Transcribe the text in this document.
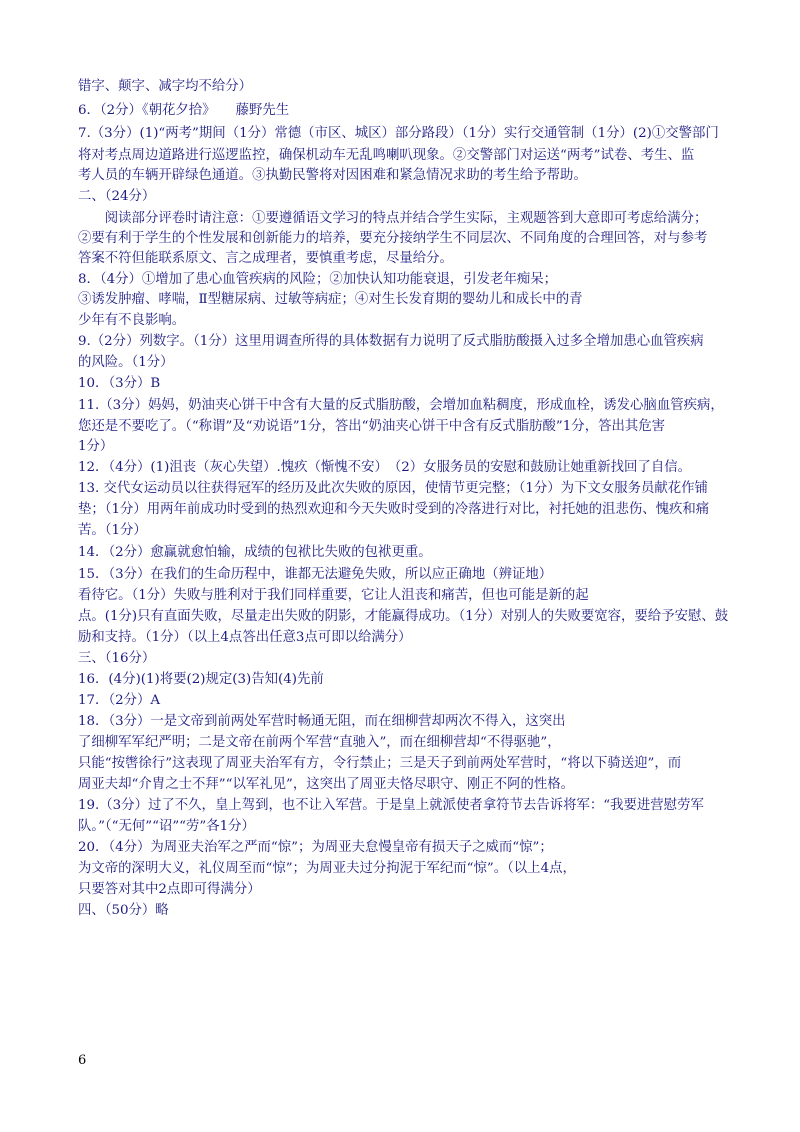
错字、颠字、减字均不给分）
6．（2分）《朝花夕拾》　　藤野先生
7.（3分）(1)“两考”期间（1分）常德（市区、城区）部分路段）（1分）实行交通管制（1分）(2)①交警部门
将对考点周边道路进行巡逻监控，确保机动车无乱鸣喇叭现象。②交警部门对运送“两考”试卷、考生、监
考人员的车辆开辟绿色通道。③执勤民警将对因困难和紧急情况求助的考生给予帮助。
二、（24分）
　　阅读部分评卷时请注意：①要遵循语文学习的特点并结合学生实际，主观题答到大意即可考虑给满分；
②要有利于学生的个性发展和创新能力的培养，要充分接纳学生不同层次、不同角度的合理回答，对与参考
答案不符但能联系原文、言之成理者，要慎重考虑，尽量给分。
8．（4分）①增加了患心血管疾病的风险；②加快认知功能衰退，引发老年痴呆；
③诱发肿瘤、哮喘，Ⅱ型糖尿病、过敏等病症；④对生长发育期的婴幼儿和成长中的青
少年有不良影响。
9.（2分）列数字。（1分）这里用调查所得的具体数据有力说明了反式脂肪酸摄入过多全增加患心血管疾病
的风险。（1分）
10．（3分）B
11.（3分）妈妈，奶油夹心饼干中含有大量的反式脂肪酸，会增加血粘稠度，形成血栓，诱发心脑血管疾病，
您还是不要吃了。（“称谓”及“劝说语”1分，答出“奶油夹心饼干中含有反式脂肪酸”1分，答出其危害
1分）
12．（4分）(1)沮丧（灰心失望）.愧疚（惭愧不安）　（2）女服务员的安慰和鼓励让她重新找回了自信。
13. 交代女运动员以往获得冠军的经历及此次失败的原因，使情节更完整；（1分）为下文女服务员献花作铺
垫；（1分）用两年前成功时受到的热烈欢迎和今天失败时受到的冷落进行对比，衬托她的沮悲伤、愧疚和痛
苦。（1分）
14．（2分）愈赢就愈怕输，成绩的包袱比失败的包袱更重。
15．（3分）在我们的生命历程中，谁都无法避免失败，所以应正确地（辨证地）
看待它。（1分）失败与胜利对于我们同样重要，它让人沮丧和痛苦，但也可能是新的起
点。(1分)只有直面失败，尽量走出失败的阴影，才能赢得成功。（1分）对别人的失败要宽容，要给予安慰、鼓
励和支持。（1分）（以上4点答出任意3点可即以给满分）
三、（16分）
16．(4分)(1)将要(2)规定(3)告知(4)先前
17．（2分）A
18．（3分）一是文帝到前两处军营时畅通无阻，而在细柳营却两次不得入，这突出
了细柳军军纪严明；二是文帝在前两个军营“直驰入”，而在细柳营却“不得驱驰”，
只能“按辔徐行”这表现了周亚夫治军有方，令行禁止；三是天子到前两处军营时，“将以下骑送迎”，而
周亚夫却“介胄之士不拜”“以军礼见”，这突出了周亚夫恪尽职守、刚正不阿的性格。
19.（3分）过了不久，皇上驾到，也不让入军营。于是皇上就派使者拿符节去告诉将军：“我要进营慰劳军
队。”（“无何”“诏”“劳”各1分）
20．（4分）为周亚夫治军之严而“惊”；为周亚夫怠慢皇帝有损天子之威而“惊”；
为文帝的深明大义，礼仪周至而“惊”；为周亚夫过分拘泥于军纪而“惊”。（以上4点，
只要答对其中2点即可得满分）
四、（50分）略
6
